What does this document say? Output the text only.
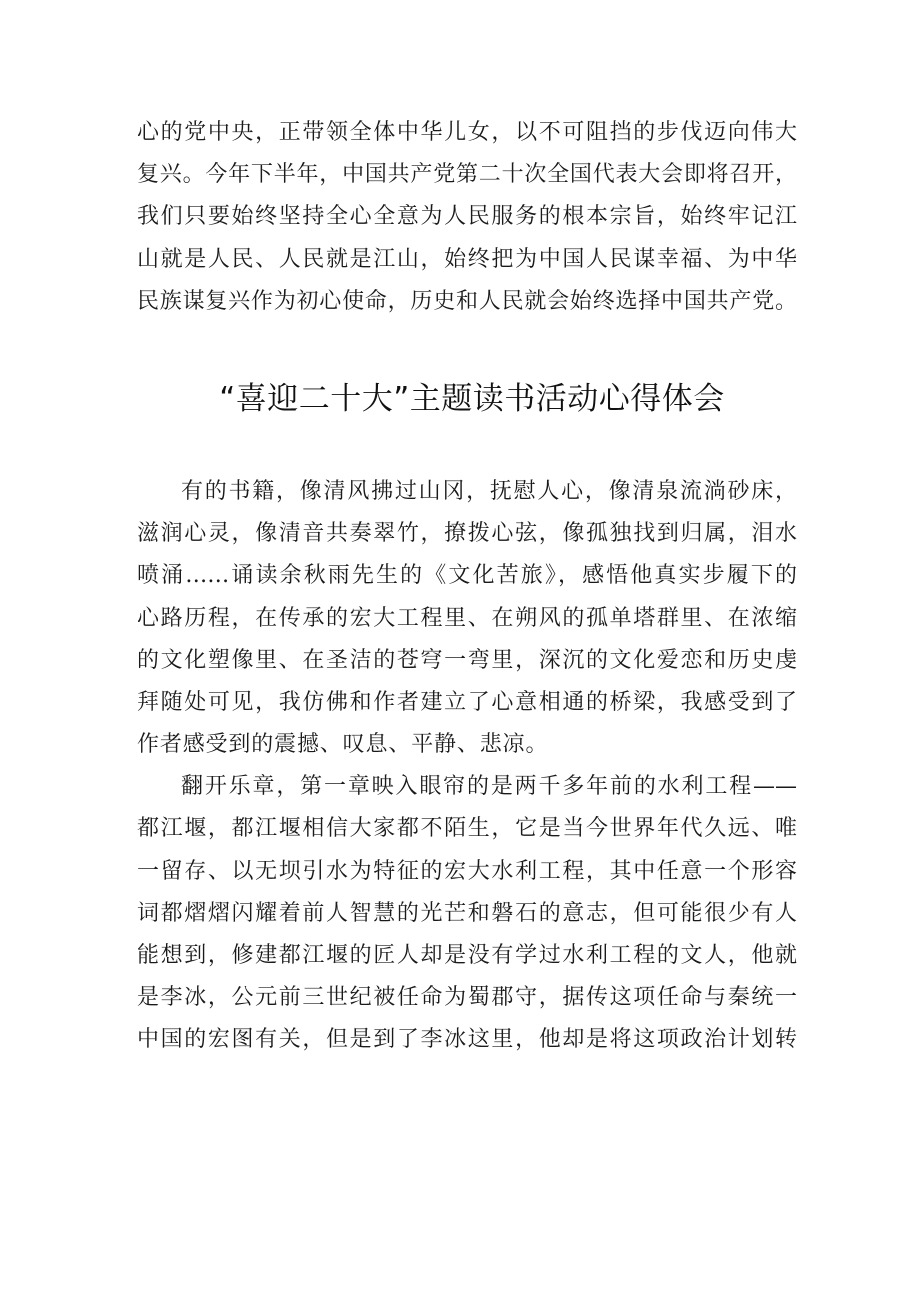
心的党中央，正带领全体中华儿女，以不可阻挡的步伐迈向伟大
复兴。今年下半年，中国共产党第二十次全国代表大会即将召开，
我们只要始终坚持全心全意为人民服务的根本宗旨，始终牢记江
山就是人民、人民就是江山，始终把为中国人民谋幸福、为中华
民族谋复兴作为初心使命，历史和人民就会始终选择中国共产党。
“喜迎二十大”主题读书活动心得体会
有的书籍，像清风拂过山冈，抚慰人心，像清泉流淌砂床，
滋润心灵，像清音共奏翠竹，撩拨心弦，像孤独找到归属，泪水
喷涌……诵读余秋雨先生的《文化苦旅》，感悟他真实步履下的
心路历程，在传承的宏大工程里、在朔风的孤单塔群里、在浓缩
的文化塑像里、在圣洁的苍穹一弯里，深沉的文化爱恋和历史虔
拜随处可见，我仿佛和作者建立了心意相通的桥梁，我感受到了
作者感受到的震撼、叹息、平静、悲凉。
翻开乐章，第一章映入眼帘的是两千多年前的水利工程——
都江堰，都江堰相信大家都不陌生，它是当今世界年代久远、唯
一留存、以无坝引水为特征的宏大水利工程，其中任意一个形容
词都熠熠闪耀着前人智慧的光芒和磐石的意志，但可能很少有人
能想到，修建都江堰的匠人却是没有学过水利工程的文人，他就
是李冰，公元前三世纪被任命为蜀郡守，据传这项任命与秦统一
中国的宏图有关，但是到了李冰这里，他却是将这项政治计划转
